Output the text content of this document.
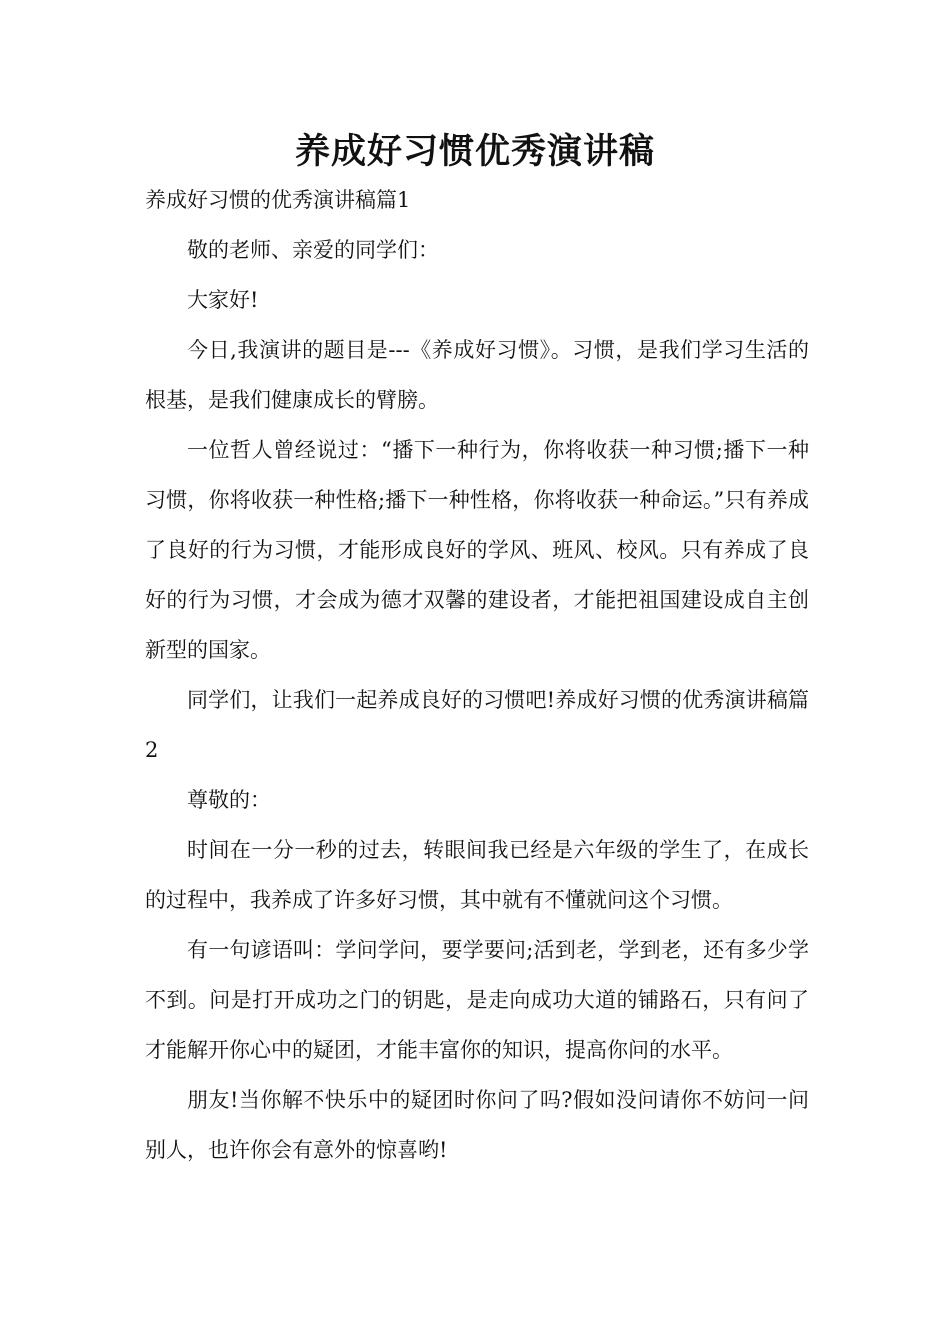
养成好习惯优秀演讲稿

养成好习惯的优秀演讲稿篇1

敬的老师、亲爱的同学们：

大家好!

今日,我演讲的题目是---《养成好习惯》。习惯，是我们学习生活的根基，是我们健康成长的臂膀。

一位哲人曾经说过：“播下一种行为，你将收获一种习惯;播下一种习惯，你将收获一种性格;播下一种性格，你将收获一种命运。”只有养成了良好的行为习惯，才能形成良好的学风、班风、校风。只有养成了良好的行为习惯，才会成为德才双馨的建设者，才能把祖国建设成自主创新型的国家。

同学们，让我们一起养成良好的习惯吧!养成好习惯的优秀演讲稿篇2

尊敬的：

时间在一分一秒的过去，转眼间我已经是六年级的学生了，在成长的过程中，我养成了许多好习惯，其中就有不懂就问这个习惯。

有一句谚语叫：学问学问，要学要问;活到老，学到老，还有多少学不到。问是打开成功之门的钥匙，是走向成功大道的铺路石，只有问了才能解开你心中的疑团，才能丰富你的知识，提高你问的水平。

朋友!当你解不快乐中的疑团时你问了吗?假如没问请你不妨问一问别人，也许你会有意外的惊喜哟!
